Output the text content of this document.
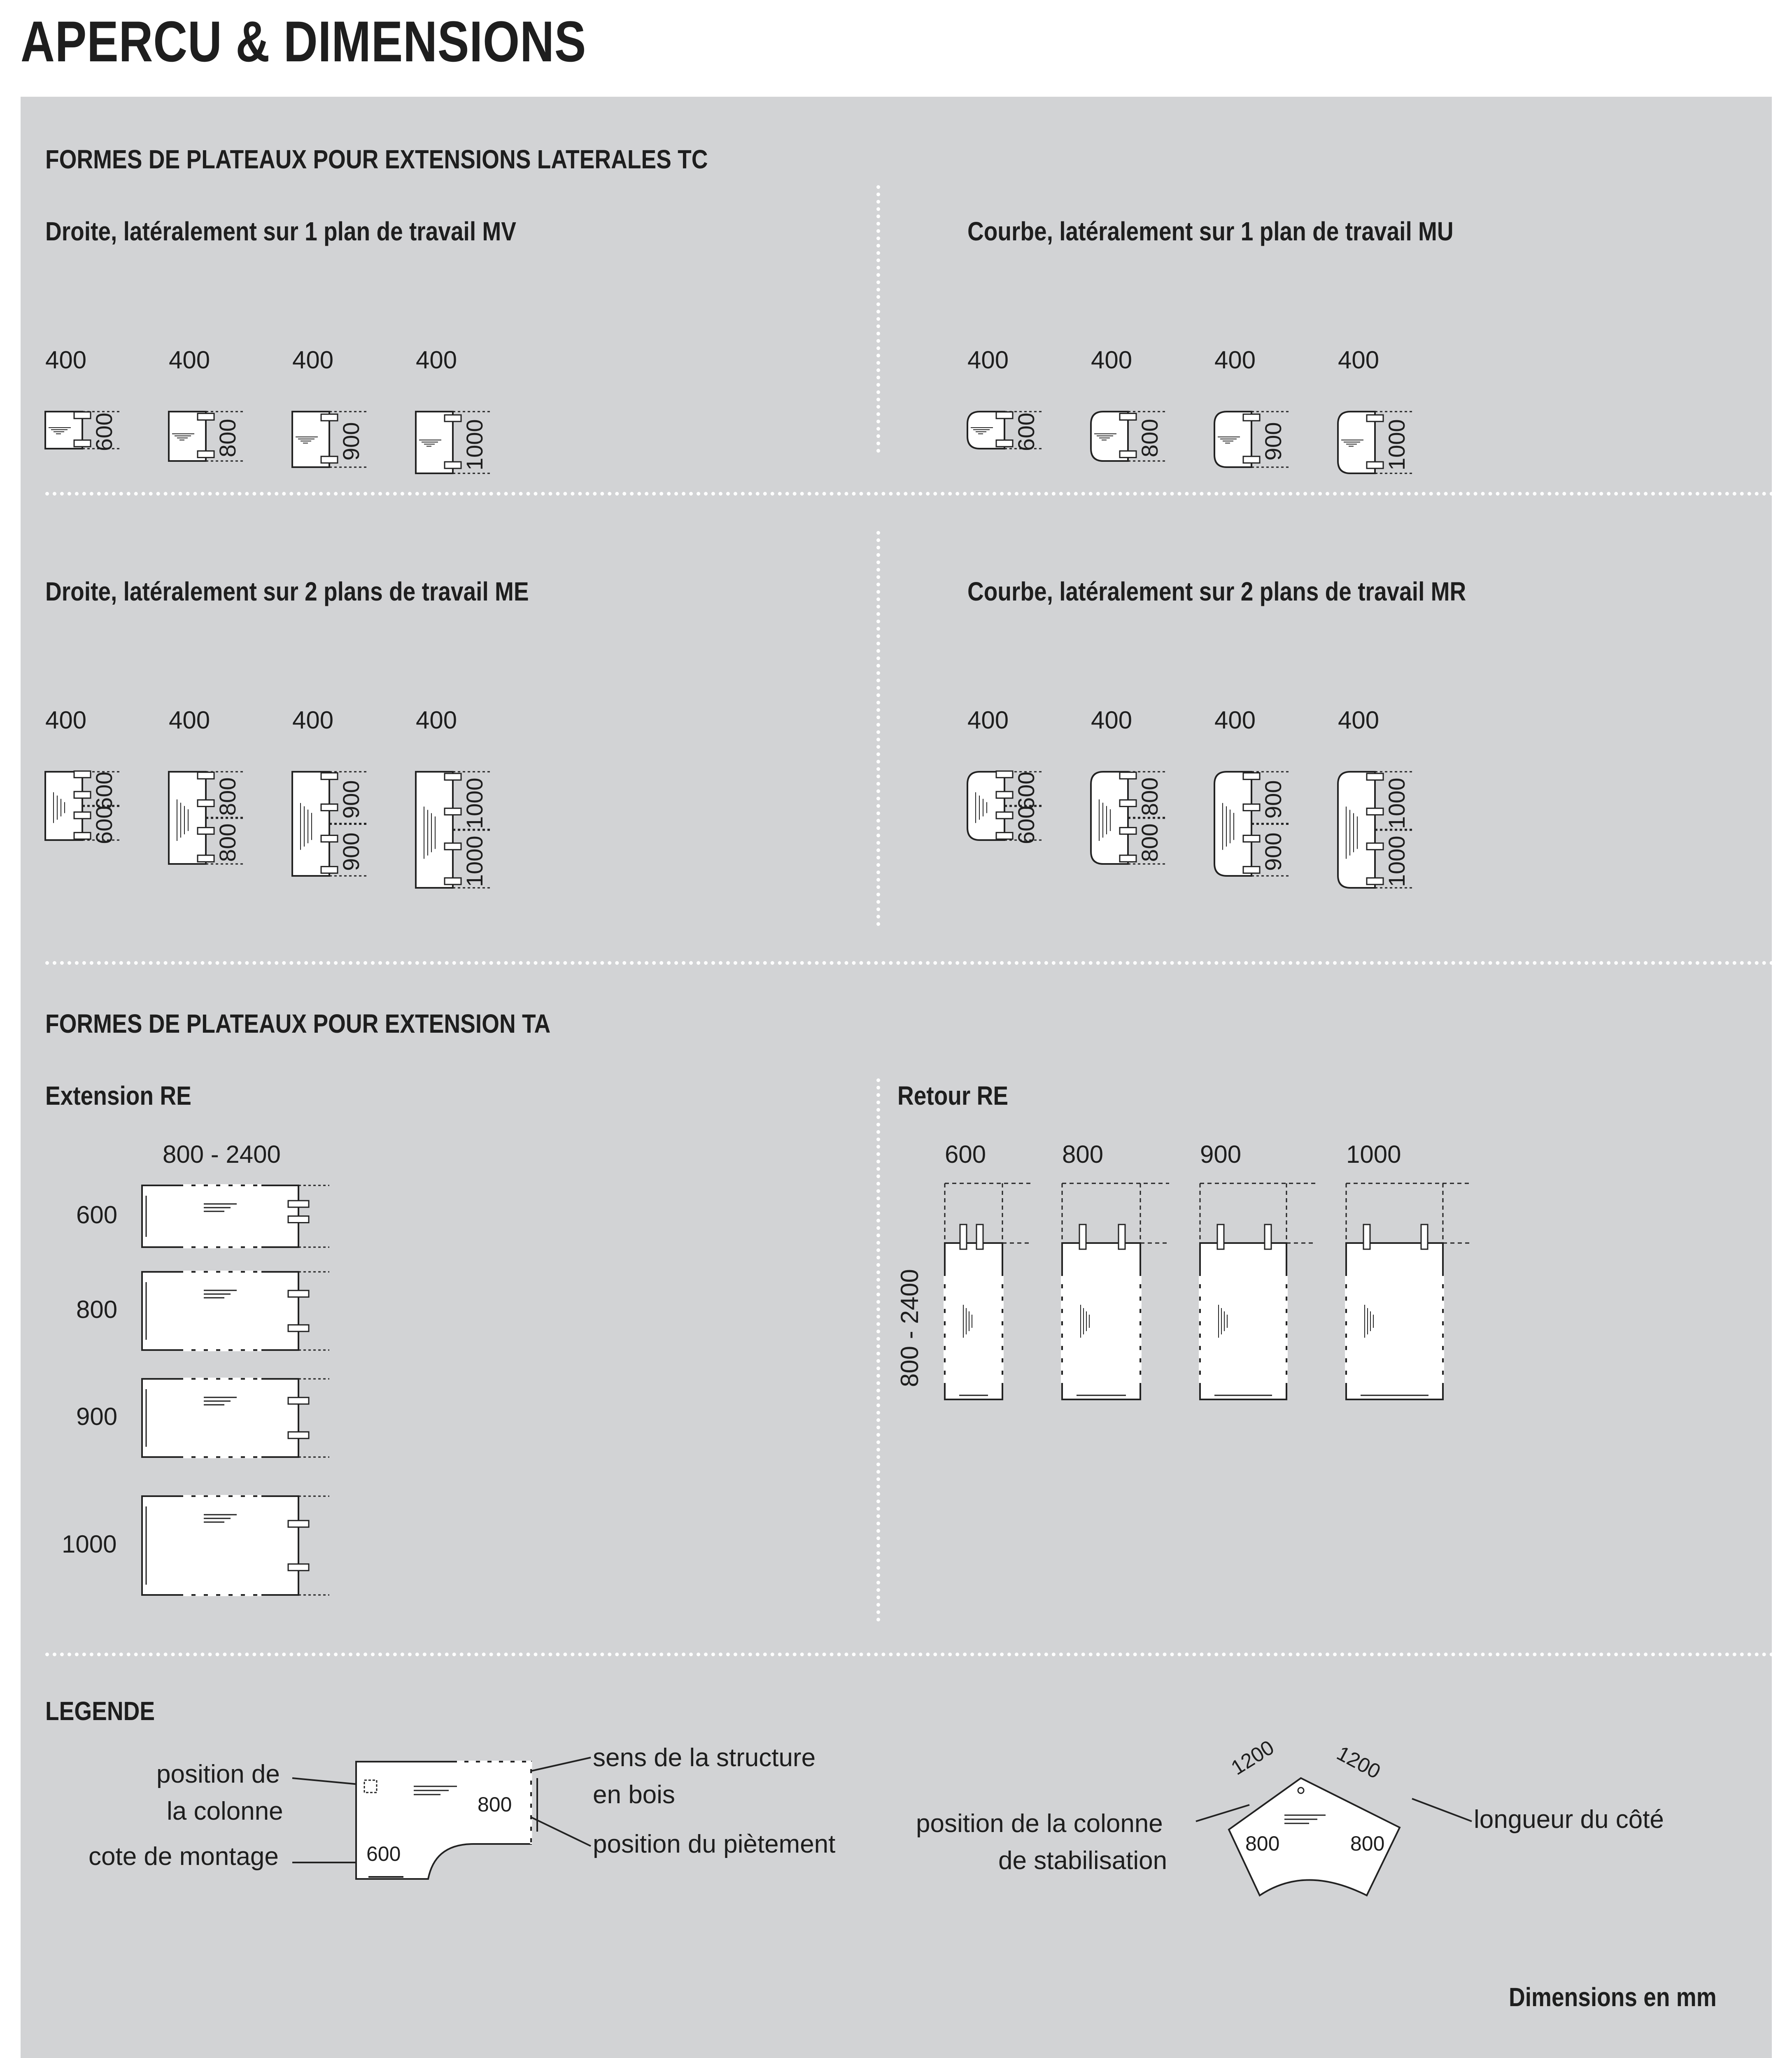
APERCU & DIMENSIONS
FORMES DE PLATEAUX POUR EXTENSIONS LATERALES TC
Droite, latéralement sur 1 plan de travail MV	Courbe, latéralement sur 1 plan de travail MU
Droite, latéralement sur 2 plans de travail ME	Courbe, latéralement sur 2 plans de travail MR
FORMES DE PLATEAUX POUR EXTENSION TA
Extension RE
800 - 2400
Retour RE
800 - 2400
LEGENDE
position de
la colonne
cote de montage
sens de la structure
en bois
position du piètement
800
600
position de la colonne
de stabilisation
longueur du côté
1200	1200
800	800
Dimensions en mm
400
600
400
800
400
900
400
1000
400
600
400
800
400
900
400
1000
400
600
600
400
800
800
400
900
900
400
1000
1000
400
600
600
400
800
800
400
900
900
400
1000
1000
600
800
900
1000
600	800	900	1000
